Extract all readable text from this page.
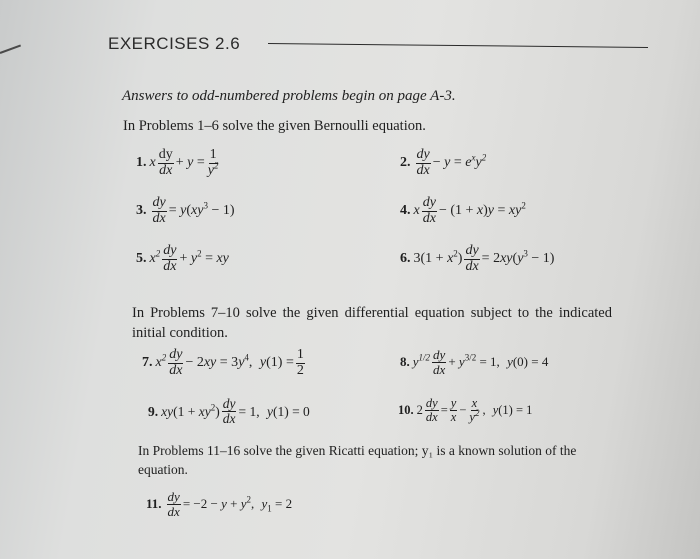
EXERCISES 2.6
Answers to odd-numbered problems begin on page A-3.
In Problems 1–6 solve the given Bernoulli equation.
1. x $\frac{dy}{dx} + y = \frac{1}{y^2}$	2. $\frac{dy}{dx} - y = e^xy^2$
3. $\frac{dy}{dx} = y(xy^3 - 1)$	4. x $\frac{dy}{dx} - (1 + x)y = xy^2$
5. $x^2 \frac{dy}{dx} + y^2$ = xy	6. $3(1 + x^2) \frac{dy}{dx} = 2xy(y^3 - 1)$
In Problems 7–10 solve the given differential equation subject to the indicated initial condition.
7. $x^2 \frac{dy}{dx} - 2xy = 3y^4$, $y(1) = \frac{1}{2}$	8. $y^{1/2} \frac{dy}{dx} + y^{3/2} = 1$, y(0) = 4
9. $xy(1 + xy^2) \frac{dy}{dx} = 1$, y(1) = 0	10. $2 \frac{dy}{dx} = \frac{y}{x} - \frac{x}{y^2}$ , y(1) = 1
In Problems 11–16 solve the given Ricatti equation; y₁ is a known solution of the equation.
11. $\frac{dy}{dx} = -2 - y + y^2$, $y_1 = 2$
